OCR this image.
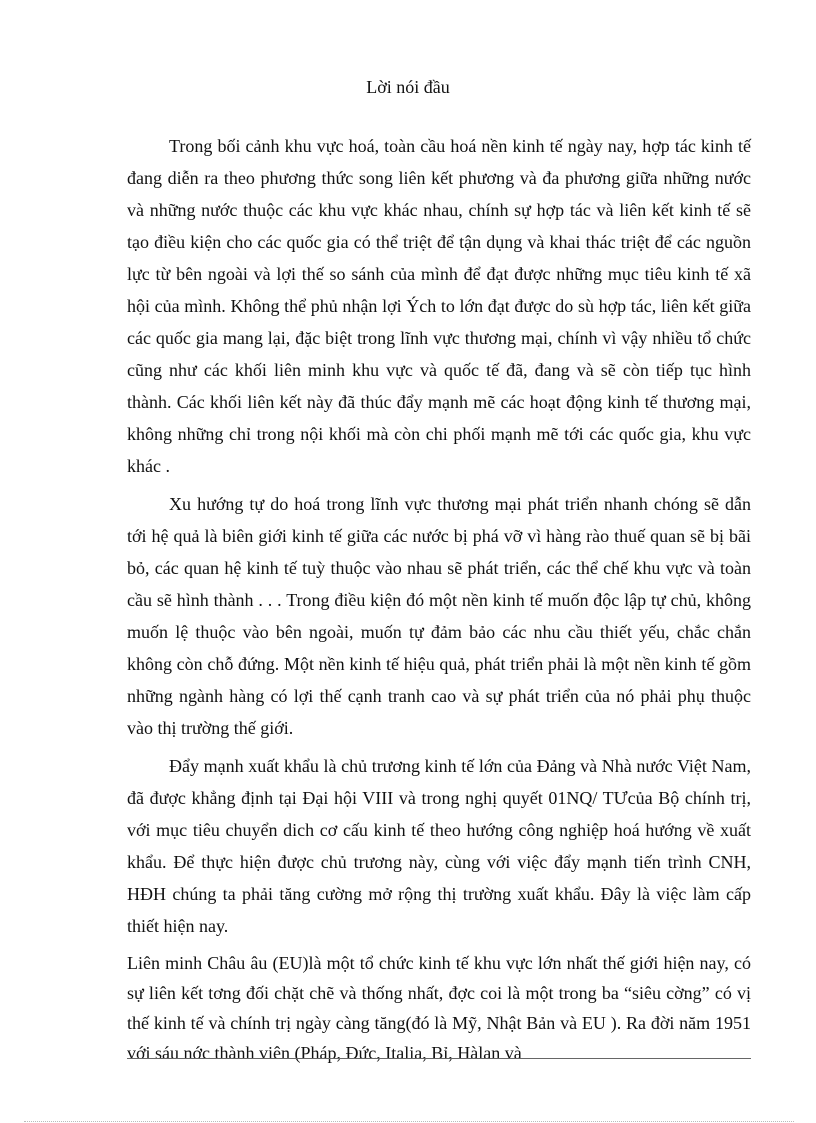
Lời nói đầu

Trong bối cảnh khu vực hoá, toàn cầu hoá nền kinh tế ngày nay, hợp tác kinh tế đang diễn ra theo phương thức song liên kết phương và đa phương giữa những nước và những nước thuộc các khu vực khác nhau, chính sự hợp tác và liên kết kinh tế sẽ tạo điều kiện cho các quốc gia có thể triệt để tận dụng và khai thác triệt để các nguồn lực từ bên ngoài và lợi thế so sánh của mình để đạt được những mục tiêu kinh tế xã hội của mình. Không thể phủ nhận lợi Ých to lớn đạt được do sù hợp tác, liên kết giữa các quốc gia mang lại, đặc biệt trong lĩnh vực thương mại, chính vì vậy nhiều tổ chức cũng như các khối liên minh khu vực và quốc tế đã, đang và sẽ còn tiếp tục hình thành. Các khối liên kết này đã thúc đẩy mạnh mẽ các hoạt động kinh tế thương mại, không những chỉ trong nội khối mà còn chi phối mạnh mẽ tới các quốc gia, khu vực khác .

Xu hướng tự do hoá trong lĩnh vực thương mại phát triển nhanh chóng sẽ dẫn tới hệ quả là biên giới kinh tế giữa các nước bị phá vỡ vì hàng rào thuế quan sẽ bị bãi bỏ, các quan hệ kinh tế tuỳ thuộc vào nhau sẽ phát triển, các thể chế khu vực và toàn cầu sẽ hình thành . . . Trong điều kiện đó một nền kinh tế muốn độc lập tự chủ, không muốn lệ thuộc vào bên ngoài, muốn tự đảm bảo các nhu cầu thiết yếu, chắc chắn không còn chỗ đứng. Một nền kinh tế hiệu quả, phát triển phải là một nền kinh tế gồm những ngành hàng có lợi thế cạnh tranh cao và sự phát triển của nó phải phụ thuộc vào thị trường thế giới.

Đẩy mạnh xuất khẩu là chủ trương kinh tế lớn của Đảng và Nhà nước Việt Nam, đã được khẳng định tại Đại hội VIII và trong nghị quyết 01NQ/ TƯcủa Bộ chính trị, với mục tiêu chuyển dich cơ cấu kinh tế theo hướng công nghiệp hoá hướng về xuất khẩu. Để thực hiện được chủ trương này, cùng với việc đẩy mạnh tiến trình CNH, HĐH chúng ta phải tăng cường mở rộng thị trường xuất khẩu. Đây là việc làm cấp thiết hiện nay.

Liên minh Châu âu (EU)là một tổ chức kinh tế khu vực lớn nhất thế giới hiện nay, có sự liên kết tơng đối chặt chẽ và thống nhất, đợc coi là một trong ba “siêu cờng” có vị thế kinh tế và chính trị ngày càng tăng(đó là Mỹ, Nhật Bản và EU ). Ra đời năm 1951 với sáu nớc thành viên (Pháp, Đức, Italia, Bỉ, Hàlan và
